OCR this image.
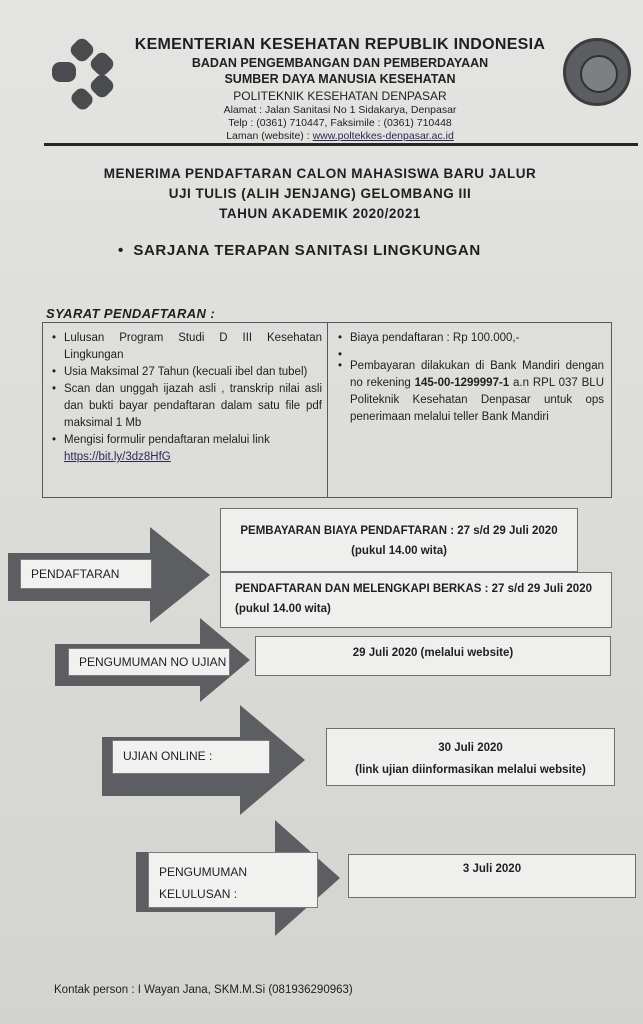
KEMENTERIAN KESEHATAN REPUBLIK INDONESIA
BADAN PENGEMBANGAN DAN PEMBERDAYAAN
SUMBER DAYA MANUSIA KESEHATAN
POLITEKNIK KESEHATAN DENPASAR
Alamat : Jalan Sanitasi No 1 Sidakarya, Denpasar
Telp : (0361) 710447, Faksimile : (0361) 710448
Laman (website) : www.poltekkes-denpasar.ac.id
MENERIMA PENDAFTARAN CALON MAHASISWA BARU JALUR
UJI TULIS (ALIH JENJANG) GELOMBANG III
TAHUN AKADEMIK 2020/2021
•  SARJANA TERAPAN SANITASI LINGKUNGAN
SYARAT PENDAFTARAN :
• Lulusan Program Studi D III Kesehatan Lingkungan
• Usia Maksimal 27 Tahun (kecuali ibel dan tubel)
• Scan dan unggah ijazah asli , transkrip nilai asli dan bukti bayar pendaftaran dalam satu file pdf maksimal 1 Mb
• Mengisi formulir pendaftaran melalui link
https://bit.ly/3dz8HfG
• Biaya pendaftaran : Rp 100.000,-
•
• Pembayaran dilakukan di Bank Mandiri dengan no rekening 145-00-1299997-1 a.n RPL 037 BLU Politeknik Kesehatan Denpasar untuk ops penerimaan melalui teller Bank Mandiri
PENDAFTARAN
PENGUMUMAN NO UJIAN
UJIAN ONLINE :
PENGUMUMAN
KELULUSAN :
PEMBAYARAN BIAYA PENDAFTARAN : 27 s/d 29 Juli 2020
(pukul 14.00 wita)
PENDAFTARAN DAN MELENGKAPI BERKAS : 27 s/d 29 Juli 2020
(pukul 14.00 wita)
29 Juli 2020 (melalui website)
30 Juli 2020
(link ujian diinformasikan melalui website)
3 Juli 2020
Kontak person : I Wayan Jana, SKM.M.Si (081936290963)
